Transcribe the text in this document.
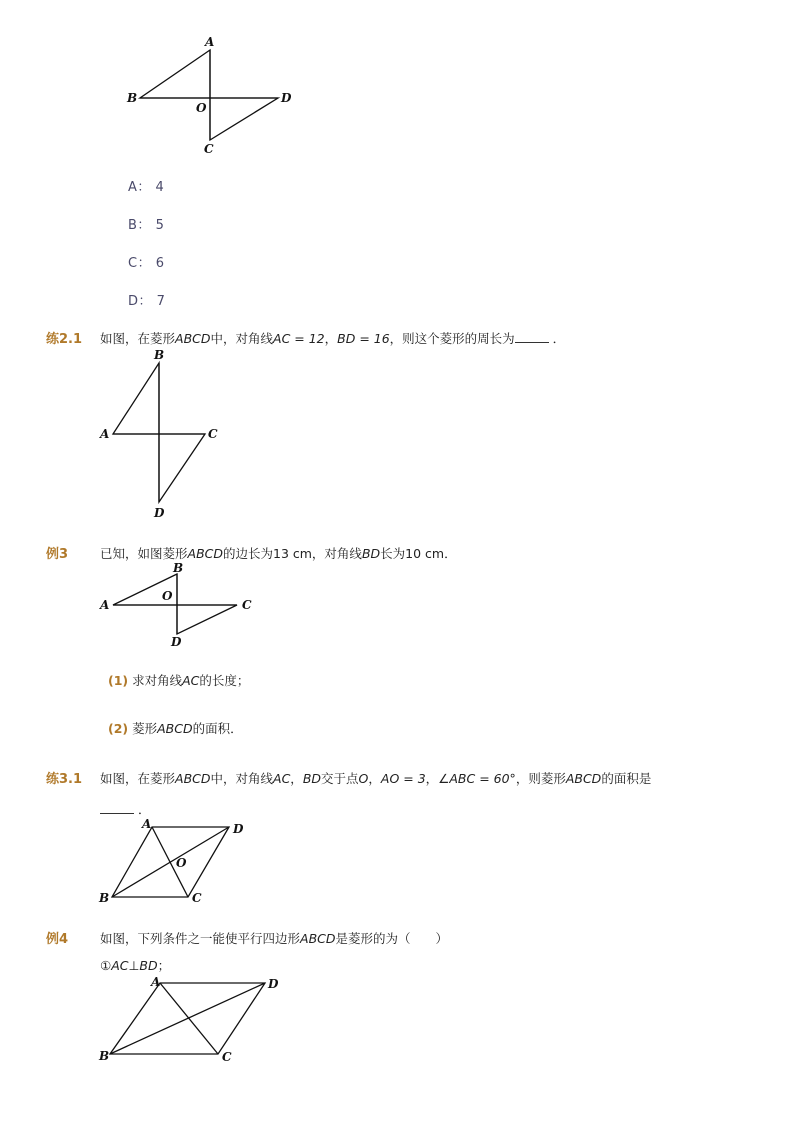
A
B
C
D
O
A： 4
B： 5
C： 6
D： 7
练2.1 如图，在菱形ABCD中，对角线AC = 12，BD = 16，则这个菱形的周长为	．
B
A	C
D
例3	已知，如图菱形ABCD的边长为13 cm，对角线BD长为10 cm．
B
A	C
D
O
(1) 求对角线AC的长度；
(2) 菱形ABCD的面积．
练3.1 如图，在菱形ABCD中，对角线AC，BD交于点O，AO = 3，∠ABC = 60°，则菱形ABCD的面积是
．
A	D
B	C
O
例4	如图，下列条件之一能使平行四边形ABCD是菱形的为（　　）
①AC⊥BD；
A	D
B	C
